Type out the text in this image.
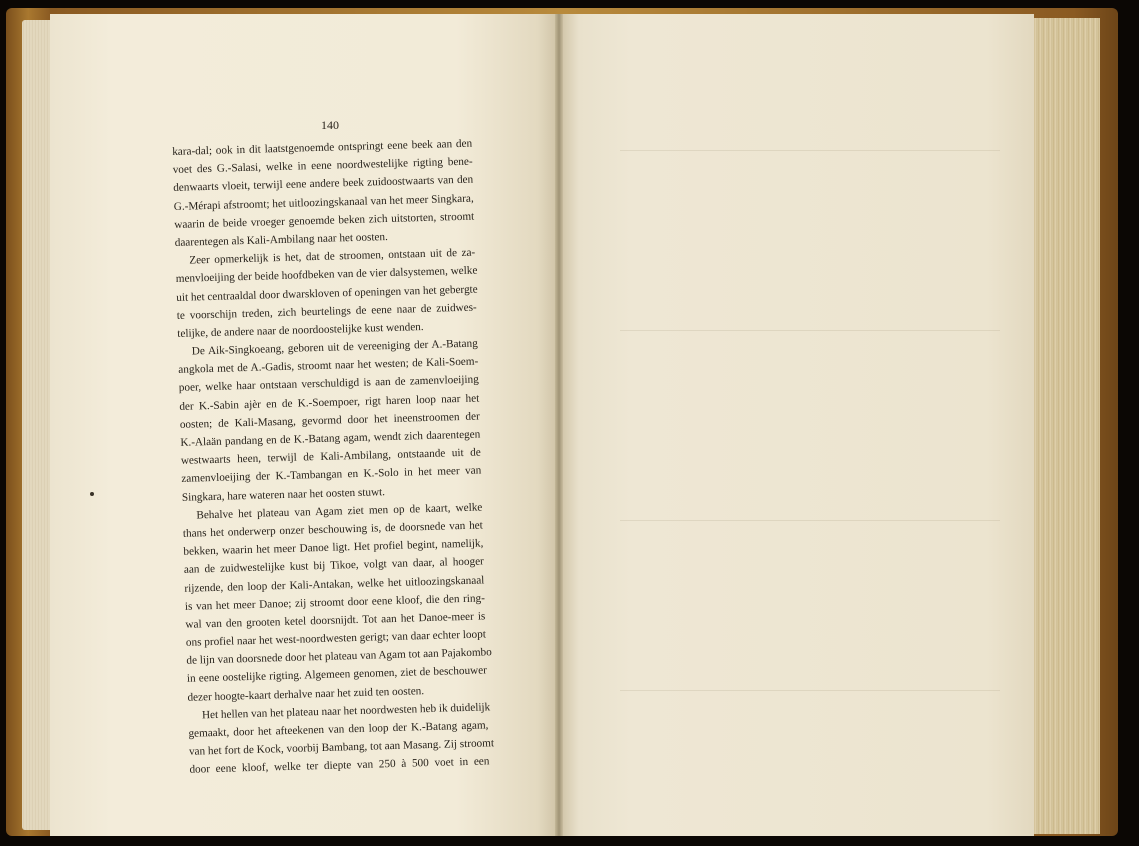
140
kara-dal; ook in dit laatstgenoemde ontspringt eene beek aan den
voet des G.-Salasi, welke in eene noordwestelijke rigting bene-
denwaarts vloeit, terwijl eene andere beek zuidoostwaarts van den
G.-Mérapi afstroomt; het uitloozingskanaal van het meer Singkara,
waarin de beide vroeger genoemde beken zich uitstorten, stroomt
daarentegen als Kali-Ambilang naar het oosten.
Zeer opmerkelijk is het, dat de stroomen, ontstaan uit de za-
menvloeijing der beide hoofdbeken van de vier dalsystemen, welke
uit het centraaldal door dwarskloven of openingen van het gebergte
te voorschijn treden, zich beurtelings de eene naar de zuidwes-
telijke, de andere naar de noordoostelijke kust wenden.
De Aik-Singkoeang, geboren uit de vereeniging der A.-Batang
angkola met de A.-Gadis, stroomt naar het westen; de Kali-Soem-
poer, welke haar ontstaan verschuldigd is aan de zamenvloeijing
der K.-Sabin ajèr en de K.-Soempoer, rigt haren loop naar het
oosten; de Kali-Masang, gevormd door het ineenstroomen der
K.-Alaän pandang en de K.-Batang agam, wendt zich daarentegen
westwaarts heen, terwijl de Kali-Ambilang, ontstaande uit de
zamenvloeijing der K.-Tambangan en K.-Solo in het meer van
Singkara, hare wateren naar het oosten stuwt.
Behalve het plateau van Agam ziet men op de kaart, welke
thans het onderwerp onzer beschouwing is, de doorsnede van het
bekken, waarin het meer Danoe ligt. Het profiel begint, namelijk,
aan de zuidwestelijke kust bij Tikoe, volgt van daar, al hooger
rijzende, den loop der Kali-Antakan, welke het uitloozingskanaal
is van het meer Danoe; zij stroomt door eene kloof, die den ring-
wal van den grooten ketel doorsnijdt. Tot aan het Danoe-meer is
ons profiel naar het west-noordwesten gerigt; van daar echter loopt
de lijn van doorsnede door het plateau van Agam tot aan Pajakombo
in eene oostelijke rigting. Algemeen genomen, ziet de beschouwer
dezer hoogte-kaart derhalve naar het zuid ten oosten.
Het hellen van het plateau naar het noordwesten heb ik duidelijk
gemaakt, door het afteekenen van den loop der K.-Batang agam,
van het fort de Kock, voorbij Bambang, tot aan Masang. Zij stroomt
door eene kloof, welke ter diepte van 250 à 500 voet in een
